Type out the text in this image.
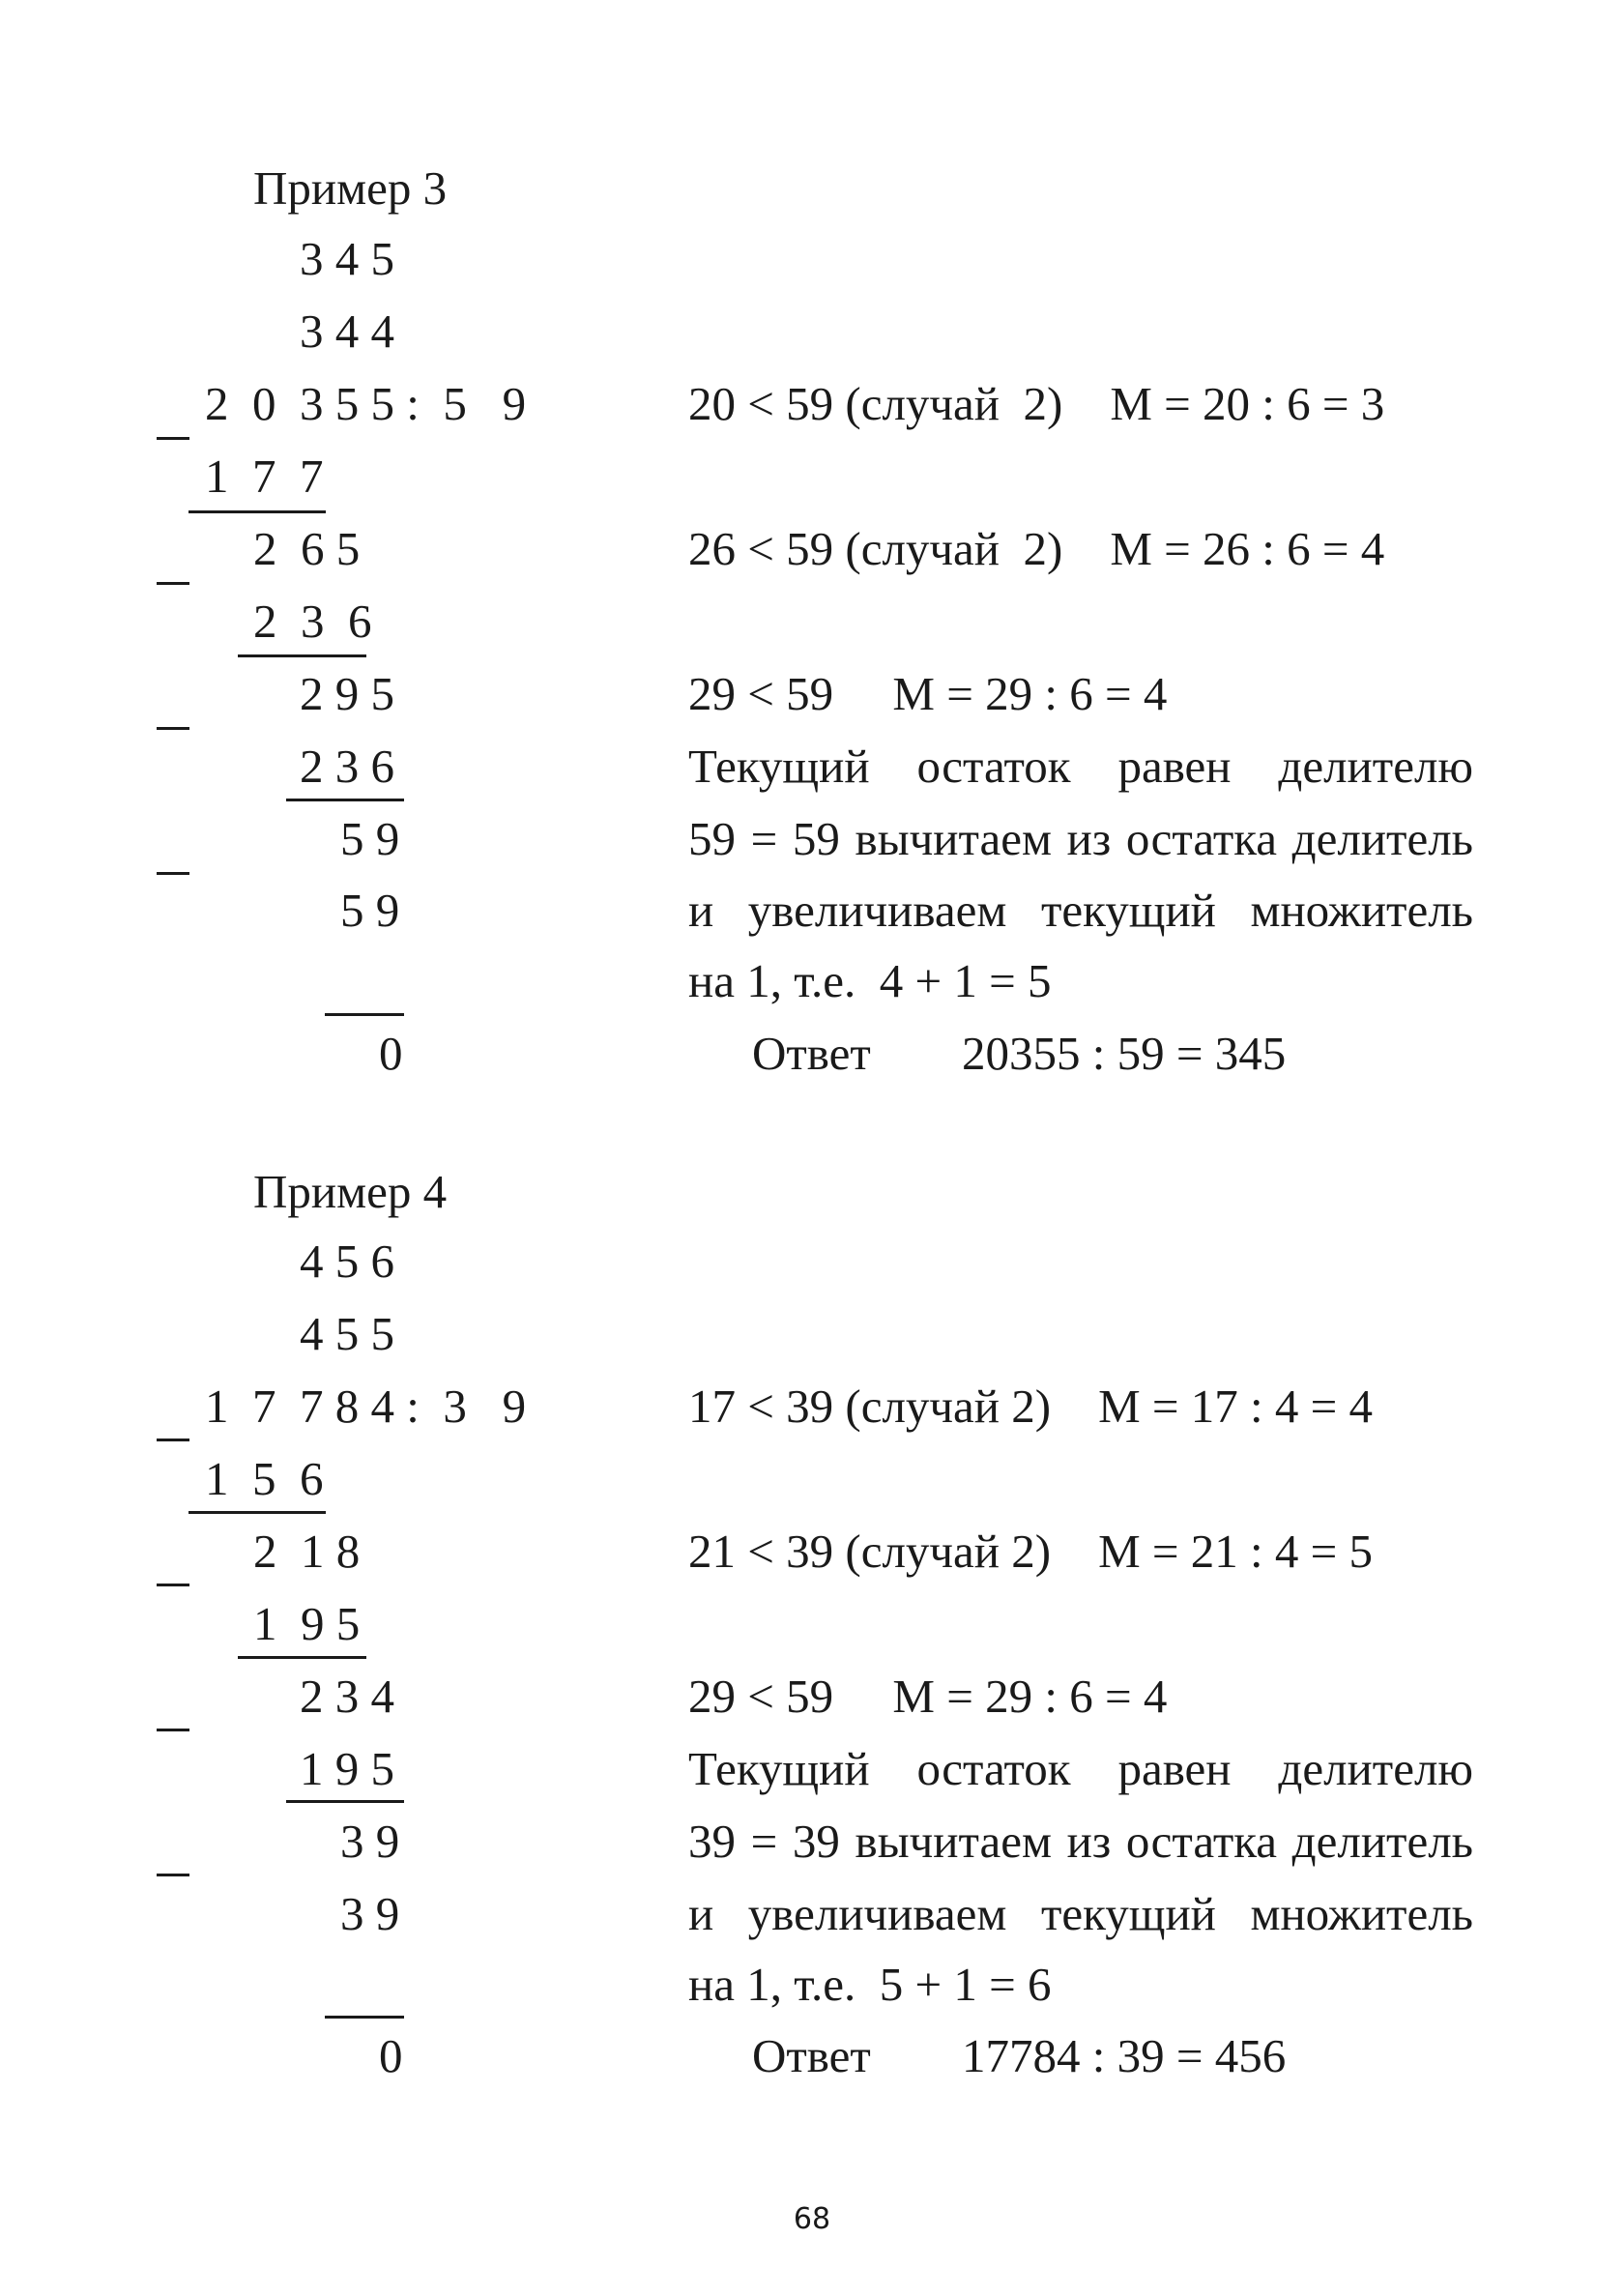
Пример 3
3 4 5
3 4 4
2  0  3 5 5 :  5   9
1  7  7
2  6 5
2  3  6
2 9 5
2 3 6
5 9
5 9
0
20 < 59 (случай  2)    М = 20 : 6 = 3
26 < 59 (случай  2)    М = 26 : 6 = 4
29 < 59     М = 29 : 6 = 4
Текущий остаток равен делителю
59 = 59 вычитаем из остатка делитель
и увеличиваем текущий множитель
на 1, т.е.  4 + 1 = 5
Ответ 20355 : 59 = 345
Пример 4
4 5 6
4 5 5
1  7  7 8 4 :  3   9
1  5  6
2  1 8
1  9 5
2 3 4
1 9 5
3 9
3 9
0
17 < 39 (случай 2)    М = 17 : 4 = 4
21 < 39 (случай 2)    М = 21 : 4 = 5
29 < 59     М = 29 : 6 = 4
Текущий остаток равен делителю
39 = 39 вычитаем из остатка делитель
и увеличиваем текущий множитель
на 1, т.е.  5 + 1 = 6
Ответ 17784 : 39 = 456
68
